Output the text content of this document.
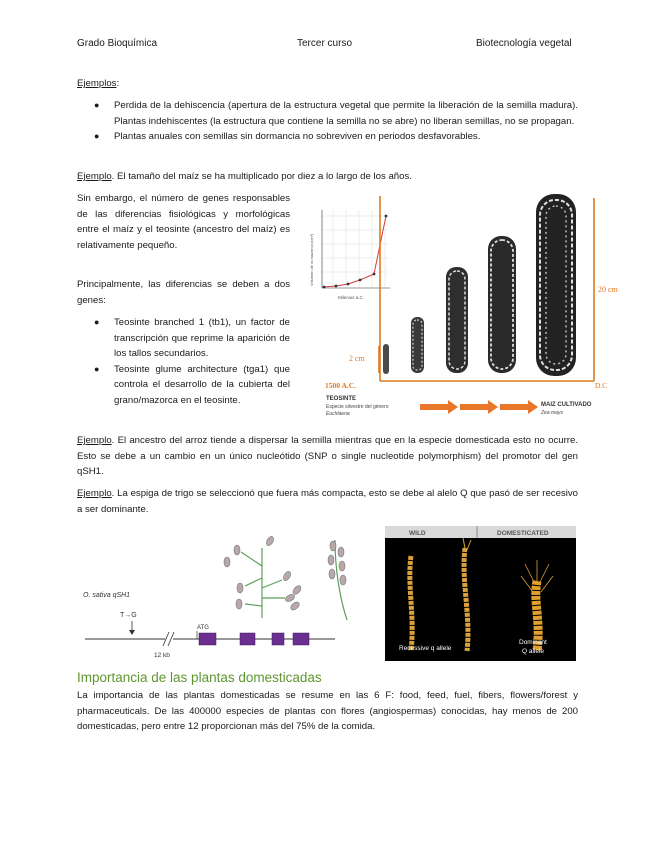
Grado Bioquímica	Tercer curso	Biotecnología vegetal
Ejemplos:
● Perdida de la dehiscencia (apertura de la estructura vegetal que permite la liberación de la semilla madura). Plantas indehiscentes (la estructura que contiene la semilla no se abre) no liberan semillas, no se propagan.
● Plantas anuales con semillas sin dormancia no sobreviven en periodos desfavorables.
Ejemplo. El tamaño del maíz se ha multiplicado por diez a lo largo de los años.

Sin embargo, el número de genes responsables de las diferencias fisiológicas y morfológicas entre el maíz y el teosinte (ancestro del maíz) es relativamente pequeño.

Principalmente, las diferencias se deben a dos genes:

● Teosinte branched 1 (tb1), un factor de transcripción que reprime la aparición de los tallos secundarios.
● Teosinte glume architecture (tga1) que controla el desarrollo de la cubierta del grano/mazorca en el teosinte.
Volumen de la mazorca (cm³)
Milenios a.C.
20 cm
2 cm
1500 A.C.	D.C
TEOSINTE
Especie silvestre del género
Euchlaena
MAIZ CULTIVADO
Zea mays
Ejemplo. El ancestro del arroz tiende a dispersar la semilla mientras que en la especie domesticada esto no ocurre. Esto se debe a un cambio en un único nucleótido (SNP o single nucleotide polymorphism) del promotor del gen qSH1.
Ejemplo. La espiga de trigo se seleccionó que fuera más compacta, esto se debe al alelo Q que pasó de ser recesivo a ser dominante.
O. sativa qSH1
T→G
ATG
12 kb
WILD	DOMESTICATED
Recessive q allele
Dominant
Q allele
Importancia de las plantas domesticadas

La importancia de las plantas domesticadas se resume en las 6 F: food, feed, fuel, fibers, flowers/forest y pharmaceuticals. De las 400000 especies de plantas con flores (angiospermas) conocidas, hay menos de 200 domesticadas, pero entre 12 proporcionan más del 75% de la comida.
